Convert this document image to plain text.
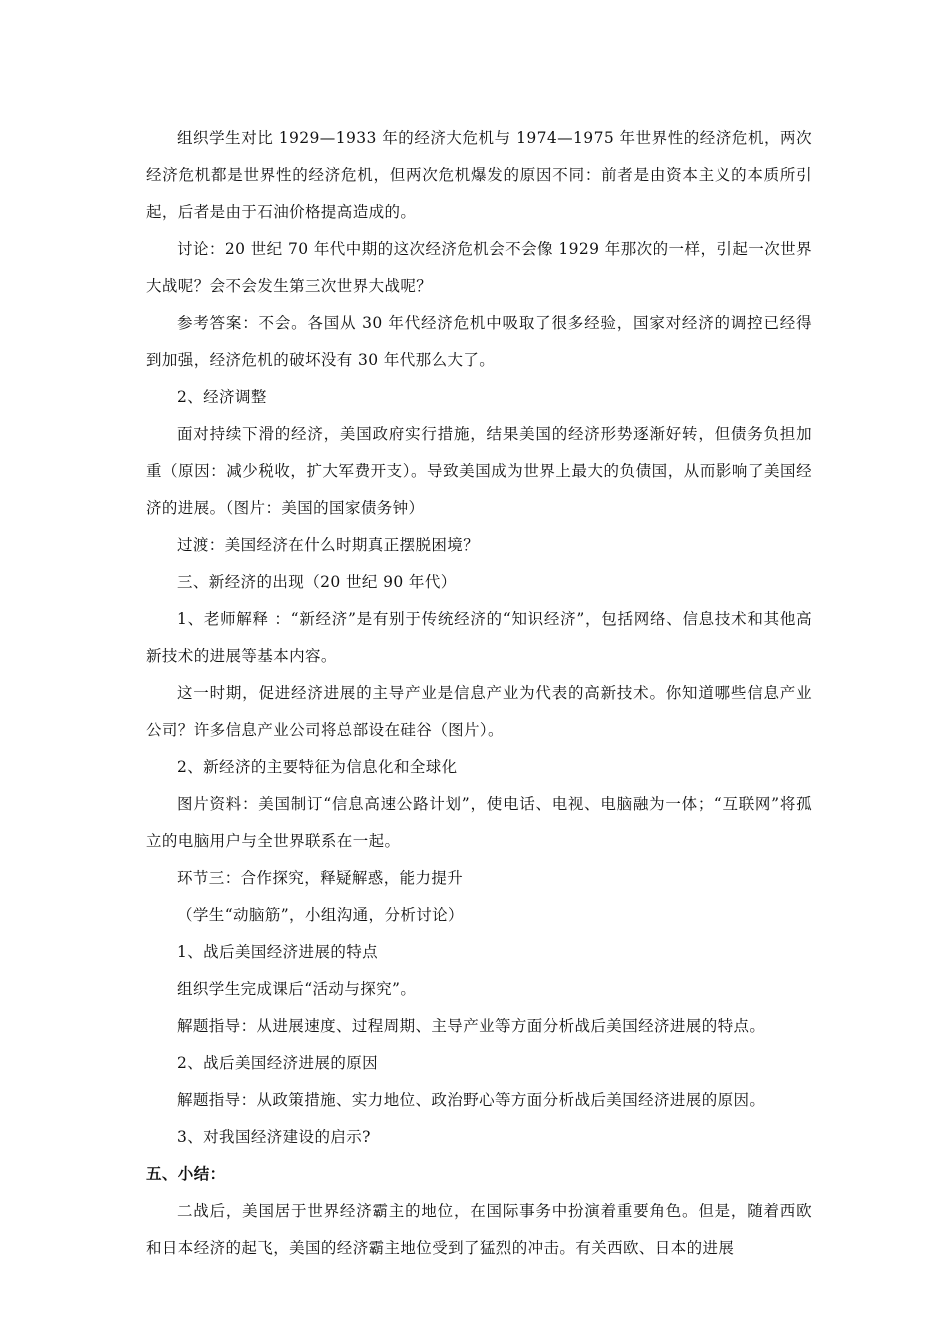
组织学生对比 1929—1933 年的经济大危机与 1974—1975 年世界性的经济危机，两次经济危机都是世界性的经济危机，但两次危机爆发的原因不同：前者是由资本主义的本质所引起，后者是由于石油价格提高造成的。

讨论：20 世纪 70 年代中期的这次经济危机会不会像 1929 年那次的一样，引起一次世界大战呢？会不会发生第三次世界大战呢？

参考答案：不会。各国从 30 年代经济危机中吸取了很多经验，国家对经济的调控已经得到加强，经济危机的破坏没有 30 年代那么大了。

2、经济调整

面对持续下滑的经济，美国政府实行措施，结果美国的经济形势逐渐好转，但债务负担加重（原因：减少税收，扩大军费开支）。导致美国成为世界上最大的负债国，从而影响了美国经济的进展。（图片：美国的国家债务钟）

过渡：美国经济在什么时期真正摆脱困境？

三、新经济的出现（20 世纪 90 年代）

1、老师解释 ：“新经济”是有别于传统经济的“知识经济”，包括网络、信息技术和其他高新技术的进展等基本内容。

这一时期，促进经济进展的主导产业是信息产业为代表的高新技术。你知道哪些信息产业公司？许多信息产业公司将总部设在硅谷（图片）。

2、新经济的主要特征为信息化和全球化

图片资料：美国制订“信息高速公路计划”，使电话、电视、电脑融为一体；“互联网”将孤立的电脑用户与全世界联系在一起。

环节三：合作探究，释疑解惑，能力提升

（学生“动脑筋”，小组沟通，分析讨论）

1、战后美国经济进展的特点

组织学生完成课后“活动与探究”。

解题指导：从进展速度、过程周期、主导产业等方面分析战后美国经济进展的特点。

2、战后美国经济进展的原因

解题指导：从政策措施、实力地位、政治野心等方面分析战后美国经济进展的原因。

3、对我国经济建设的启示?

五、小结：

二战后，美国居于世界经济霸主的地位，在国际事务中扮演着重要角色。但是，随着西欧和日本经济的起飞，美国的经济霸主地位受到了猛烈的冲击。有关西欧、日本的进展
